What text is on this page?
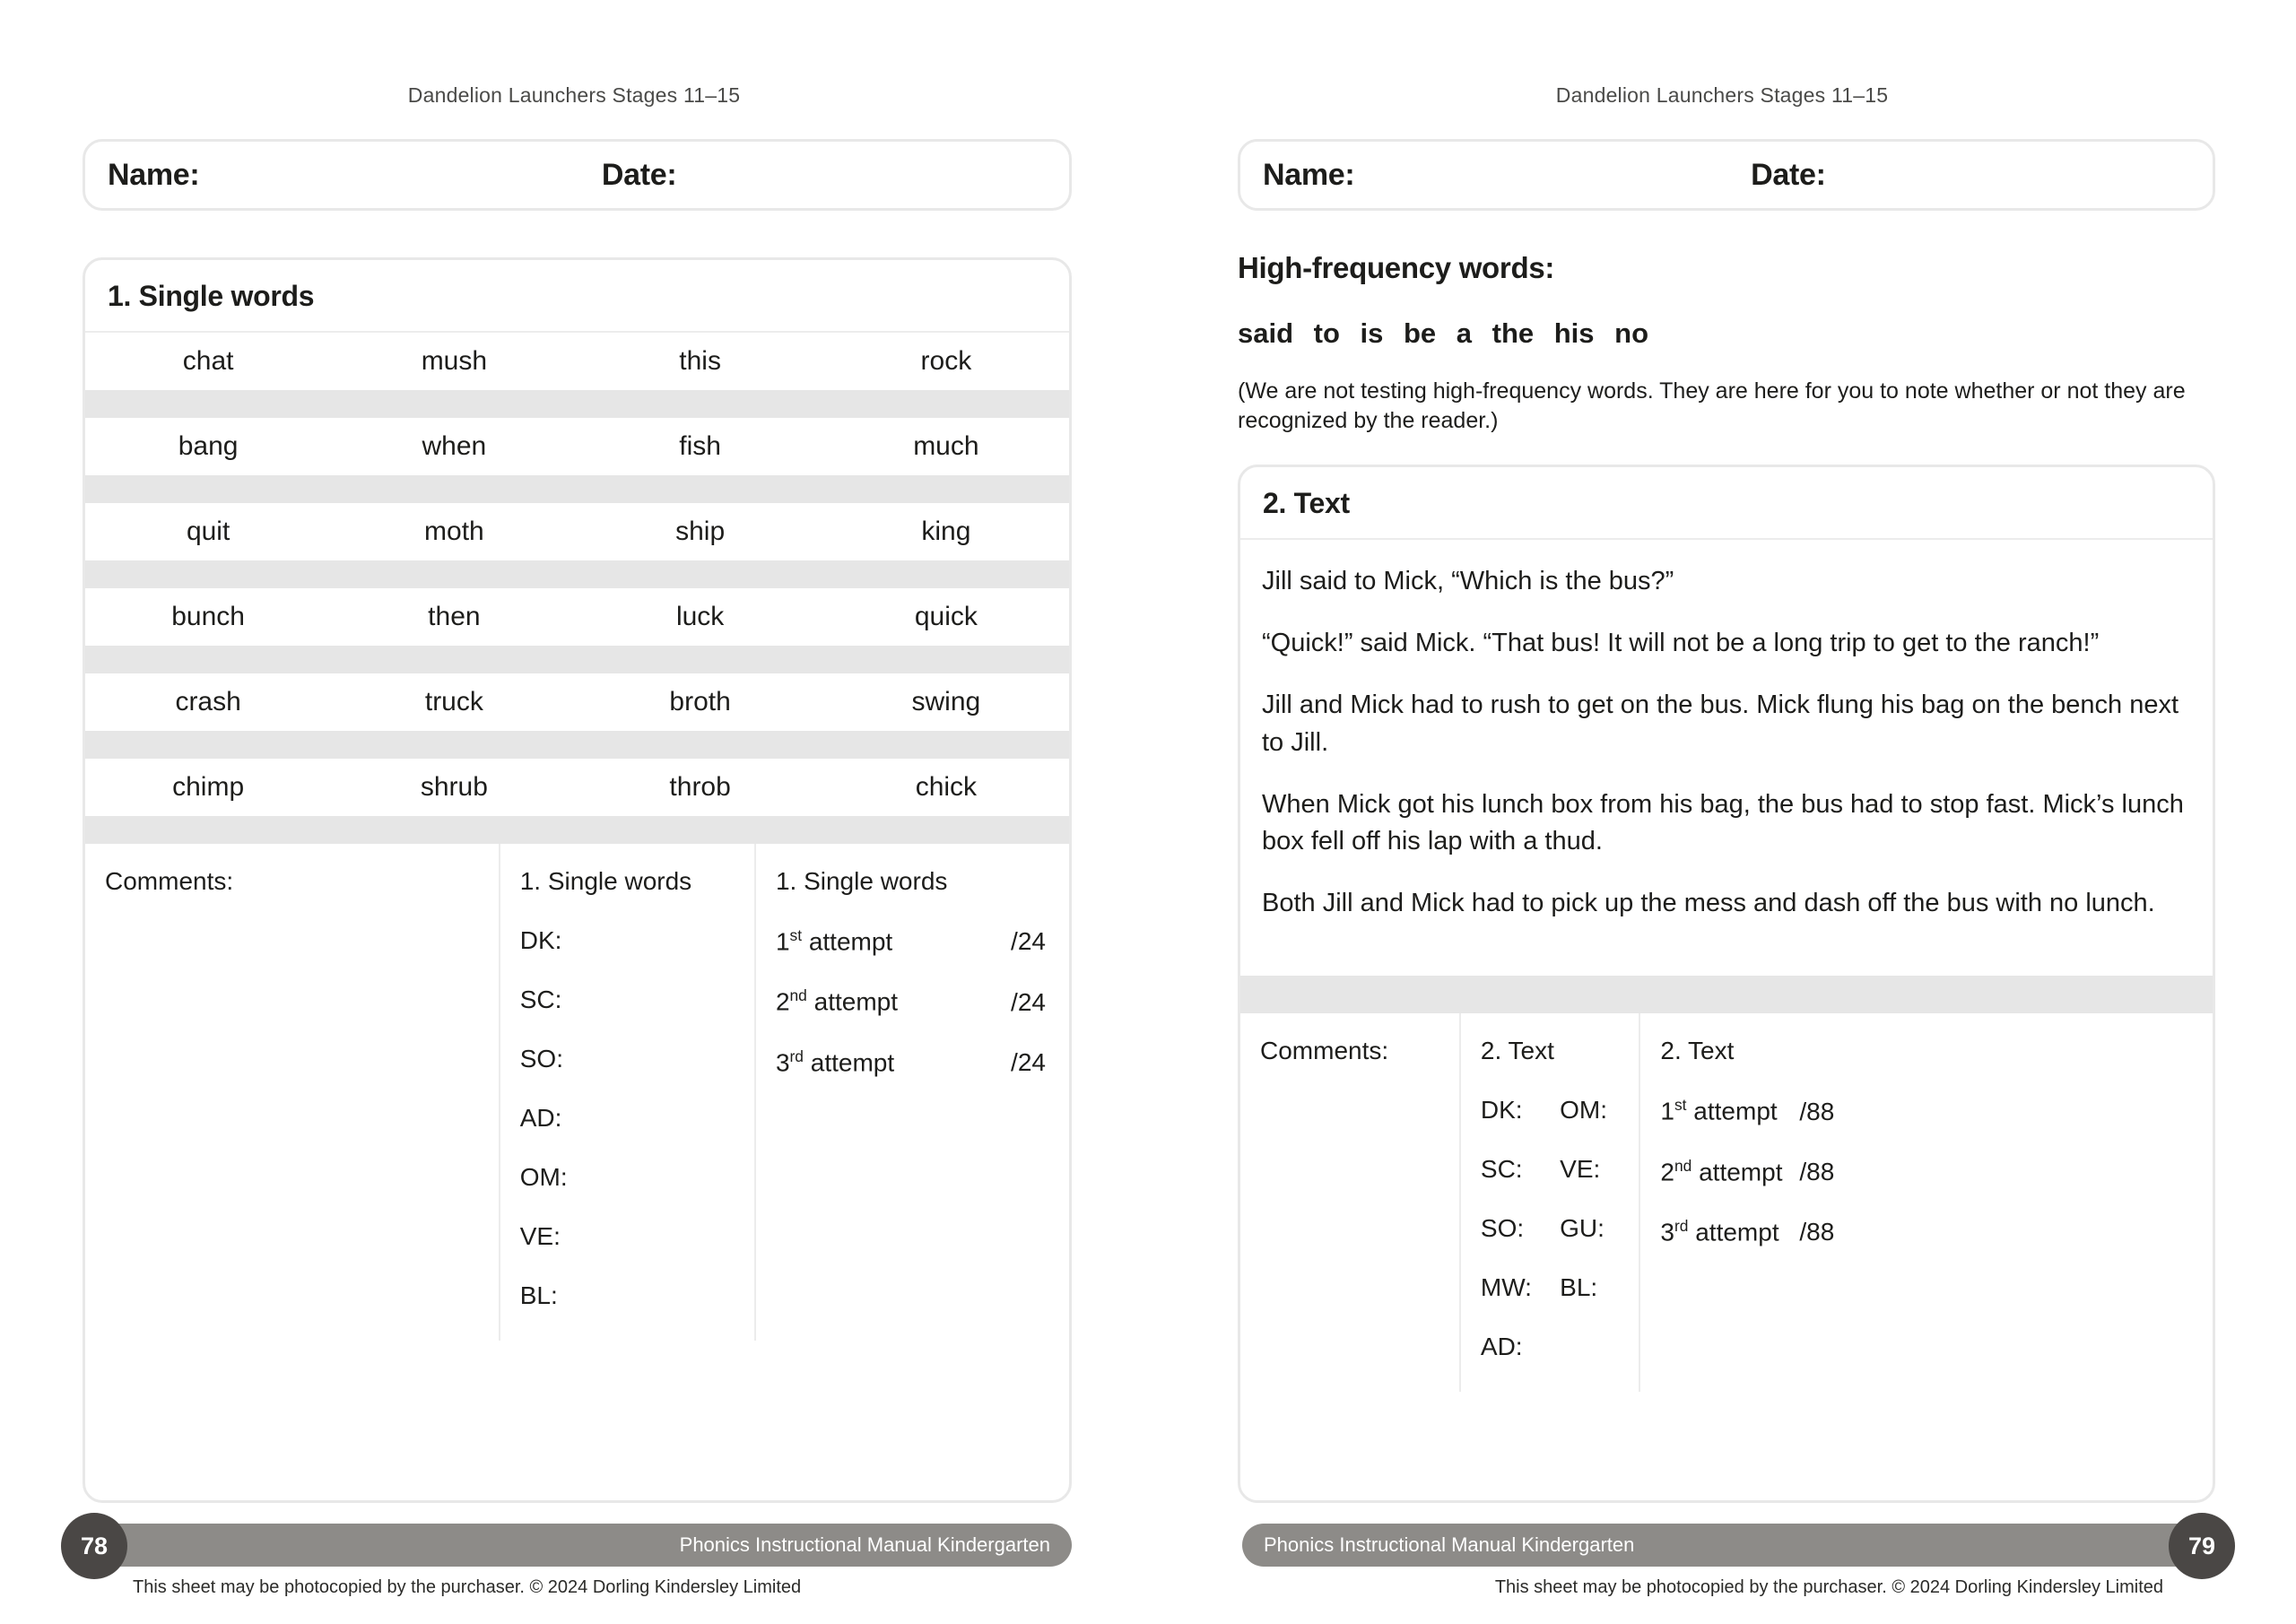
Dandelion Launchers Stages 11–15
Name:	Date:
1. Single words
chat	mush	this	rock
bang	when	fish	much
quit	moth	ship	king
bunch	then	luck	quick
crash	truck	broth	swing
chimp	shrub	throb	chick
Comments:	1. Single words
DK:
SC:
SO:
AD:
OM:
VE:
BL:
1. Single words
1st attempt	/24
2nd attempt	/24
3rd attempt	/24
Phonics Instructional Manual Kindergarten
78
This sheet may be photocopied by the purchaser. © 2024 Dorling Kindersley Limited
Dandelion Launchers Stages 11–15
Name:	Date:
High-frequency words:
said to is be a the his no
(We are not testing high-frequency words. They are here for you to note whether or not they are recognized by the reader.)
2. Text

Jill said to Mick, “Which is the bus?”

“Quick!” said Mick. “That bus! It will not be a long trip to get to the ranch!”

Jill and Mick had to rush to get on the bus. Mick flung his bag on the bench next to Jill.

When Mick got his lunch box from his bag, the bus had to stop fast. Mick’s lunch box fell off his lap with a thud.

Both Jill and Mick had to pick up the mess and dash off the bus with no lunch.

Comments:	2. Text
DK:	OM:
SC:	VE:
SO:	GU:
MW:	BL:
AD:
2. Text
1st attempt /88
2nd attempt /88
3rd attempt /88
Phonics Instructional Manual Kindergarten	79
This sheet may be photocopied by the purchaser. © 2024 Dorling Kindersley Limited
